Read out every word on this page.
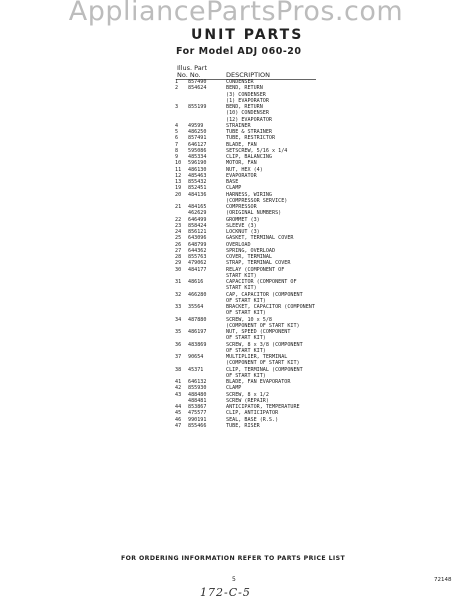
AppliancePartsPros.com
UNIT PARTS
For Model ADJ 060-20
Illus. Part
No. No.	DESCRIPTION
1	857490	CONDENSER
2	854624	BEND, RETURN
(3) CONDENSER
(1) EVAPORATOR
3	855199	BEND, RETURN
(10) CONDENSER
(12) EVAPORATOR
4	49599	STRAINER
5	486250	TUBE & STRAINER
6	857491	TUBE, RESTRICTOR
7	646127	BLADE, FAN
8	595086	SETSCREW, 5/16 x 1/4
9	485334	CLIP, BALANCING
10	596190	MOTOR, FAN
11	486130	NUT, HEX (4)
12	485463	EVAPORATOR
13	855432	BASE
19	852451	CLAMP
20	484136	HARNESS, WIRING
(COMPRESSOR SERVICE)
21	484165	COMPRESSOR
462629	(ORIGINAL NUMBERS)
22	646499	GROMMET (3)
23	858424	SLEEVE (3)
24	856121	LOCKNUT (3)
25	643096	GASKET, TERMINAL COVER
26	648799	OVERLOAD
27	644362	SPRING, OVERLOAD
28	855763	COVER, TERMINAL
29	479062	STRAP, TERMINAL COVER
30	484177	RELAY (COMPONENT OF
START KIT)
31	48616	CAPACITOR (COMPONENT OF
START KIT)
32	466280	CAP, CAPACITOR (COMPONENT
OF START KIT)
33	35564	BRACKET, CAPACITOR (COMPONENT
OF START KIT)
34	487880	SCREW, 10 x 5/8
(COMPONENT OF START KIT)
35	486197	NUT, SPEED (COMPONENT
OF START KIT)
36	483869	SCREW, 8 x 3/8 (COMPONENT
OF START KIT)
37	90654	MULTIPLIER, TERMINAL
(COMPONENT OF START KIT)
38	45371	CLIP, TERMINAL (COMPONENT
OF START KIT)
41	646132	BLADE, FAN EVAPORATOR
42	855930	CLAMP
43	488480	SCREW, 8 x 1/2
488481	SCREW (REPAIR)
44	853867	ANTICIPATOR, TEMPERATURE
45	475577	CLIP, ANTICIPATOR
46	990191	SEAL, BASE (R.S.)
47	855466	TUBE, RISER
FOR ORDERING INFORMATION REFER TO PARTS PRICE LIST
5	72148
172-C-5
